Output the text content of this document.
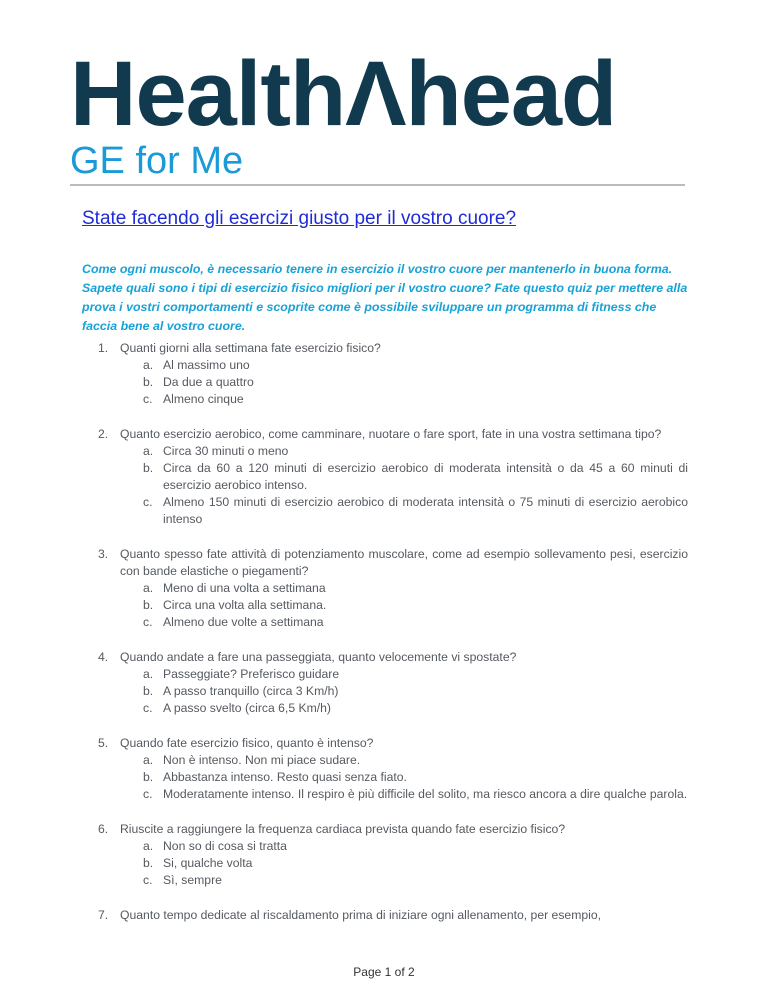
HealthΛhead
GE for Me
State facendo gli esercizi giusto per il vostro cuore?
Come ogni muscolo, è necessario tenere in esercizio il vostro cuore per mantenerlo in buona forma. Sapete quali sono i tipi di esercizio fisico migliori per il vostro cuore? Fate questo quiz per mettere alla prova i vostri comportamenti e scoprite come è possibile sviluppare un programma di fitness che faccia bene al vostro cuore.
1. Quanti giorni alla settimana fate esercizio fisico?
a. Al massimo uno
b. Da due a quattro
c. Almeno cinque
2. Quanto esercizio aerobico, come camminare, nuotare o fare sport, fate in una vostra settimana tipo?
a. Circa 30 minuti o meno
b. Circa da 60 a 120 minuti di esercizio aerobico di moderata intensità o da 45 a 60 minuti di esercizio aerobico intenso.
c. Almeno 150 minuti di esercizio aerobico di moderata intensità o 75 minuti di esercizio aerobico intenso
3. Quanto spesso fate attività di potenziamento muscolare, come ad esempio sollevamento pesi, esercizio con bande elastiche o piegamenti?
a. Meno di una volta a settimana
b. Circa una volta alla settimana.
c. Almeno due volte a settimana
4. Quando andate a fare una passeggiata, quanto velocemente vi spostate?
a. Passeggiate? Preferisco guidare
b. A passo tranquillo (circa 3 Km/h)
c. A passo svelto (circa 6,5 Km/h)
5. Quando fate esercizio fisico, quanto è intenso?
a. Non è intenso. Non mi piace sudare.
b. Abbastanza intenso. Resto quasi senza fiato.
c. Moderatamente intenso. Il respiro è più difficile del solito, ma riesco ancora a dire qualche parola.
6. Riuscite a raggiungere la frequenza cardiaca prevista quando fate esercizio fisico?
a. Non so di cosa si tratta
b. Si, qualche volta
c. Sì, sempre
7. Quanto tempo dedicate al riscaldamento prima di iniziare ogni allenamento, per esempio,
Page 1 of 2
